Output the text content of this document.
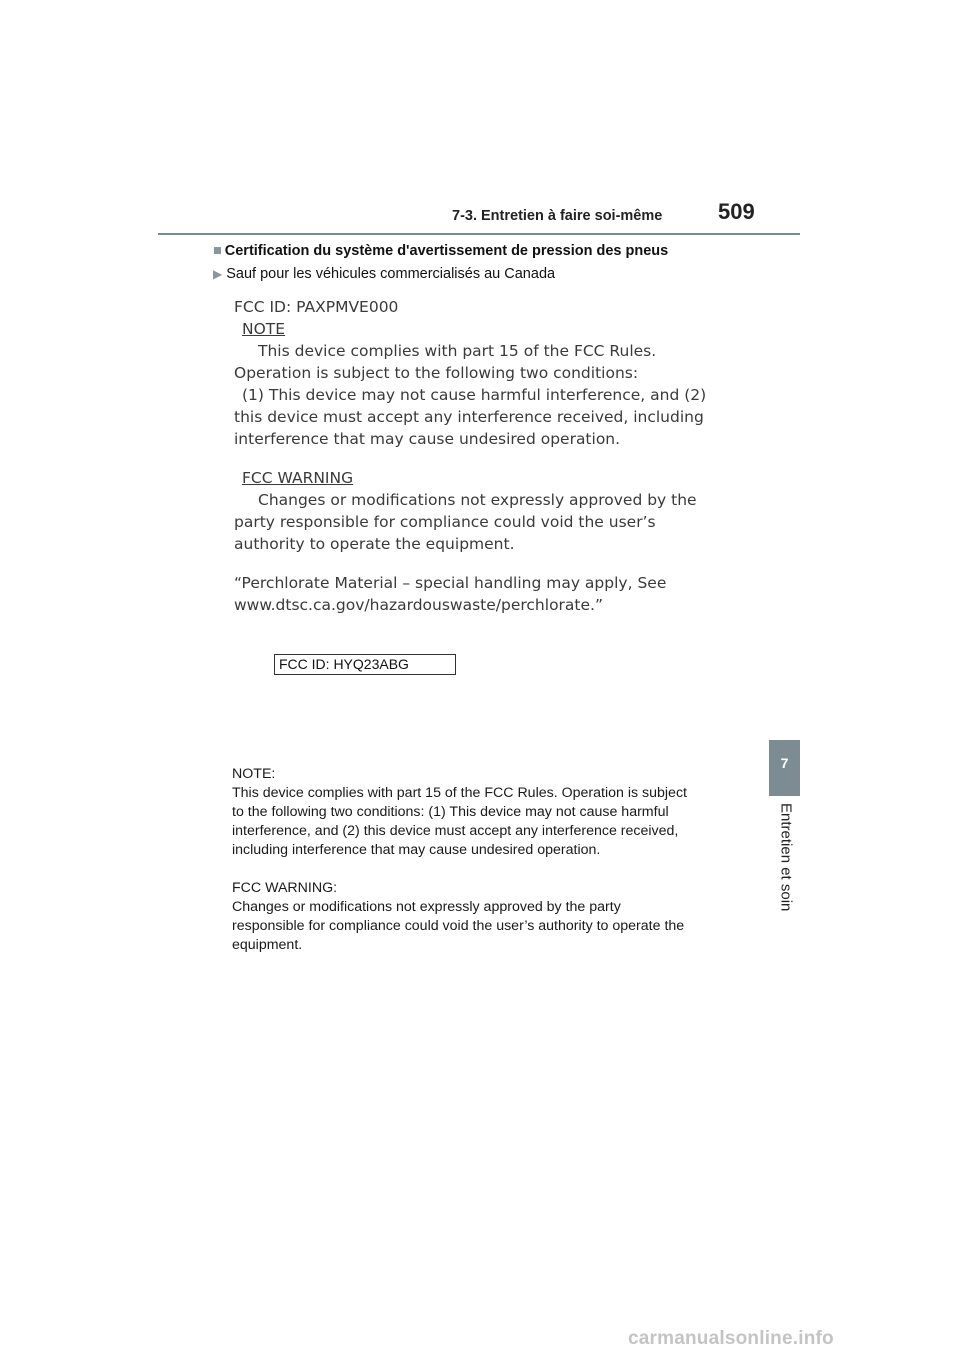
7-3. Entretien à faire soi-même	509
■ Certification du système d'avertissement de pression des pneus
▶ Sauf pour les véhicules commercialisés au Canada

FCC ID: PAXPMVE000

NOTE

This device complies with part 15 of the FCC Rules.

Operation is subject to the following two conditions:

(1) This device may not cause harmful interference, and (2)

this device must accept any interference received, including

interference that may cause undesired operation.

FCC WARNING

Changes or modifications not expressly approved by the

party responsible for compliance could void the user’s

authority to operate the equipment.

“Perchlorate Material – special handling may apply, See

www.dtsc.ca.gov/hazardouswaste/perchlorate.”

FCC ID: HYQ23ABG

NOTE:

This device complies with part 15 of the FCC Rules. Operation is subject

to the following two conditions: (1) This device may not cause harmful

interference, and (2) this device must accept any interference received,

including interference that may cause undesired operation.

FCC WARNING:

Changes or modifications not expressly approved by the party

responsible for compliance could void the user’s authority to operate the

equipment.

7
Entretien et soin
carmanualsonline.info
